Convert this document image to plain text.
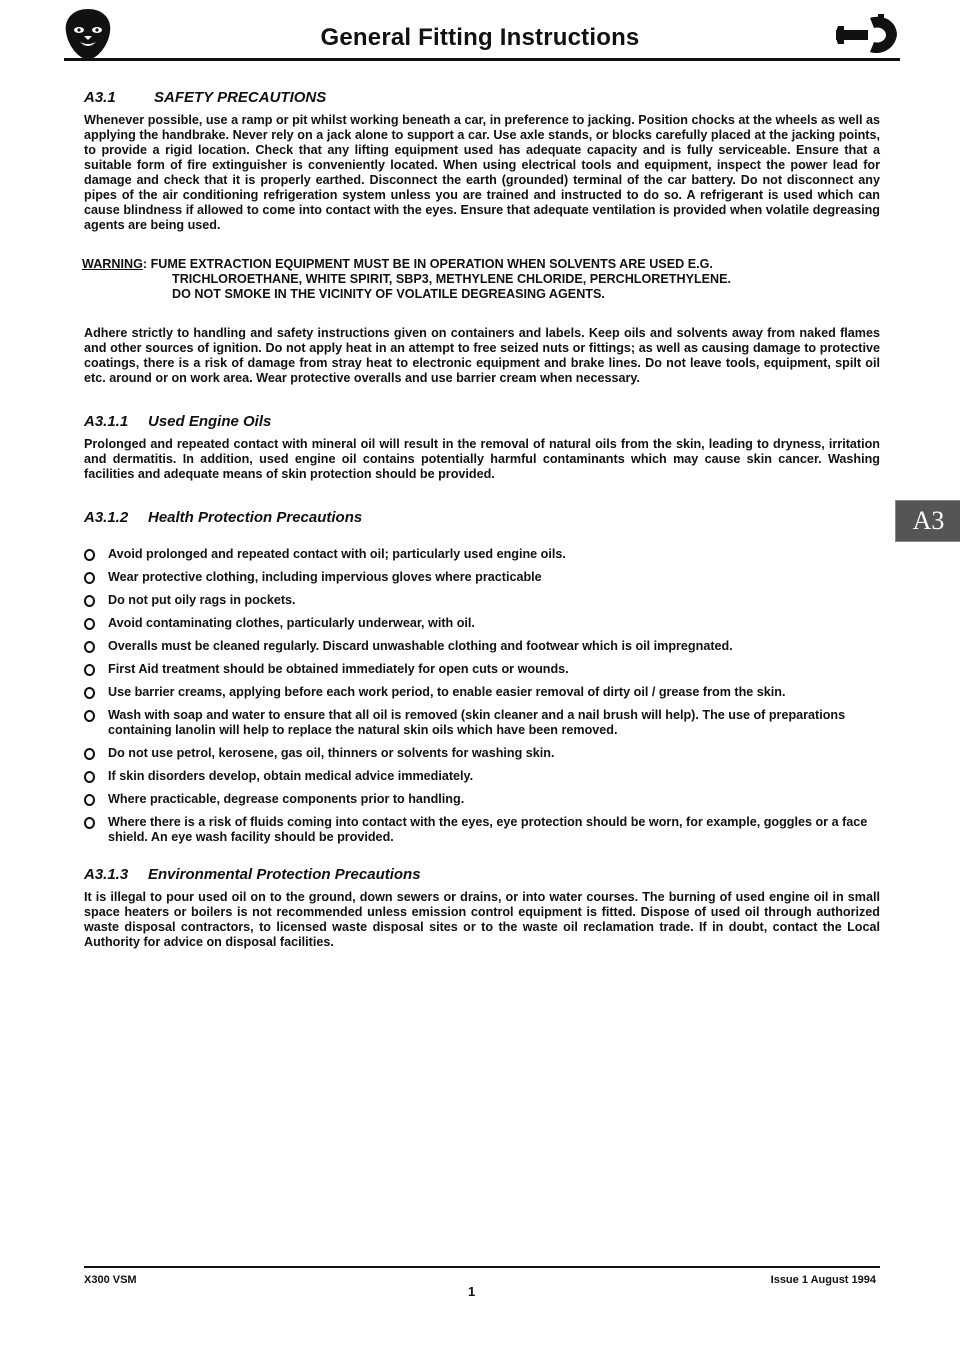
General Fitting Instructions
A3
A3.1	SAFETY PRECAUTIONS

Whenever possible, use a ramp or pit whilst working beneath a car, in preference to jacking. Position chocks at the wheels as well as applying the handbrake. Never rely on a jack alone to support a car. Use axle stands, or blocks carefully placed at the jacking points, to provide a rigid location. Check that any lifting equipment used has adequate capacity and is fully serviceable. Ensure that a suitable form of fire extinguisher is conveniently located. When using electrical tools and equipment, inspect the power lead for damage and check that it is properly earthed. Disconnect the earth (grounded) terminal of the car battery. Do not disconnect any pipes of the air conditioning refrigeration system unless you are trained and instructed to do so. A refrigerant is used which can cause blindness if allowed to come into contact with the eyes. Ensure that adequate ventilation is provided when volatile degreasing agents are being used.

WARNING: FUME EXTRACTION EQUIPMENT MUST BE IN OPERATION WHEN SOLVENTS ARE USED E.G.
TRICHLOROETHANE, WHITE SPIRIT, SBP3, METHYLENE CHLORIDE, PERCHLORETHYLENE.
DO NOT SMOKE IN THE VICINITY OF VOLATILE DEGREASING AGENTS.

Adhere strictly to handling and safety instructions given on containers and labels. Keep oils and solvents away from naked flames and other sources of ignition. Do not apply heat in an attempt to free seized nuts or fittings; as well as causing damage to protective coatings, there is a risk of damage from stray heat to electronic equipment and brake lines. Do not leave tools, equipment, spilt oil etc. around or on work area. Wear protective overalls and use barrier cream when necessary.

A3.1.1 Used Engine Oils

Prolonged and repeated contact with mineral oil will result in the removal of natural oils from the skin, leading to dryness, irritation and dermatitis. In addition, used engine oil contains potentially harmful contaminants which may cause skin cancer. Washing facilities and adequate means of skin protection should be provided.

A3.1.2 Health Protection Precautions
Avoid prolonged and repeated contact with oil; particularly used engine oils.
Wear protective clothing, including impervious gloves where practicable
Do not put oily rags in pockets.
Avoid contaminating clothes, particularly underwear, with oil.
Overalls must be cleaned regularly. Discard unwashable clothing and footwear which is oil impregnated.
First Aid treatment should be obtained immediately for open cuts or wounds.
Use barrier creams, applying before each work period, to enable easier removal of dirty oil / grease from the skin.
Wash with soap and water to ensure that all oil is removed (skin cleaner and a nail brush will help). The use of preparations containing lanolin will help to replace the natural skin oils which have been removed.
Do not use petrol, kerosene, gas oil, thinners or solvents for washing skin.
If skin disorders develop, obtain medical advice immediately.
Where practicable, degrease components prior to handling.
Where there is a risk of fluids coming into contact with the eyes, eye protection should be worn, for example, goggles or a face shield. An eye wash facility should be provided.
A3.1.3 Environmental Protection Precautions

It is illegal to pour used oil on to the ground, down sewers or drains, or into water courses. The burning of used engine oil in small space heaters or boilers is not recommended unless emission control equipment is fitted. Dispose of used oil through authorized waste disposal contractors, to licensed waste disposal sites or to the waste oil reclamation trade. If in doubt, contact the Local Authority for advice on disposal facilities.

X300 VSM
1
Issue 1 August 1994
